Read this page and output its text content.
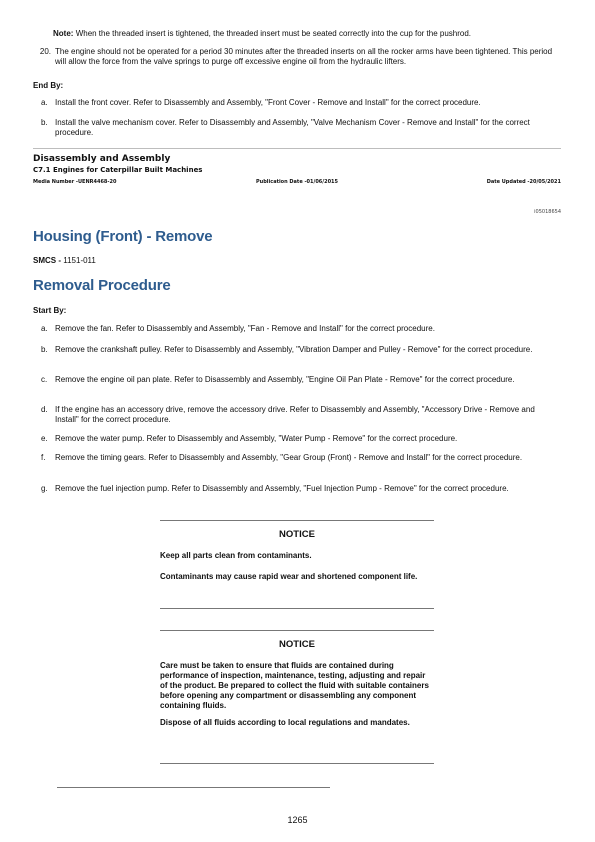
Note: When the threaded insert is tightened, the threaded insert must be seated correctly into the cup for the pushrod.
20. The engine should not be operated for a period 30 minutes after the threaded inserts on all the rocker arms have been tightened. This period will allow the force from the valve springs to purge off excessive engine oil from the hydraulic lifters.
End By:
a. Install the front cover. Refer to Disassembly and Assembly, "Front Cover - Remove and Install" for the correct procedure.
b. Install the valve mechanism cover. Refer to Disassembly and Assembly, "Valve Mechanism Cover - Remove and Install" for the correct procedure.
Disassembly and Assembly
C7.1 Engines for Caterpillar Built Machines
Media Number -UENR4468-20	Publication Date -01/06/2015	Date Updated -20/05/2021
i05018654
Housing (Front) - Remove
SMCS - 1151-011
Removal Procedure
Start By:
a. Remove the fan. Refer to Disassembly and Assembly, "Fan - Remove and Install" for the correct procedure.
b. Remove the crankshaft pulley. Refer to Disassembly and Assembly, "Vibration Damper and Pulley - Remove" for the correct procedure.
c. Remove the engine oil pan plate. Refer to Disassembly and Assembly, "Engine Oil Pan Plate - Remove" for the correct procedure.
d. If the engine has an accessory drive, remove the accessory drive. Refer to Disassembly and Assembly, "Accessory Drive - Remove and Install" for the correct procedure.
e. Remove the water pump. Refer to Disassembly and Assembly, "Water Pump - Remove" for the correct procedure.
f.	Remove the timing gears. Refer to Disassembly and Assembly, "Gear Group (Front) - Remove and Install" for the correct procedure.
g. Remove the fuel injection pump. Refer to Disassembly and Assembly, "Fuel Injection Pump - Remove" for the correct procedure.
NOTICE

Keep all parts clean from contaminants.

Contaminants may cause rapid wear and shortened component life.

NOTICE

Care must be taken to ensure that fluids are contained during performance of inspection, maintenance, testing, adjusting and repair of the product. Be prepared to collect the fluid with suitable containers before opening any compartment or disassembling any component containing fluids.

Dispose of all fluids according to local regulations and mandates.

1265
